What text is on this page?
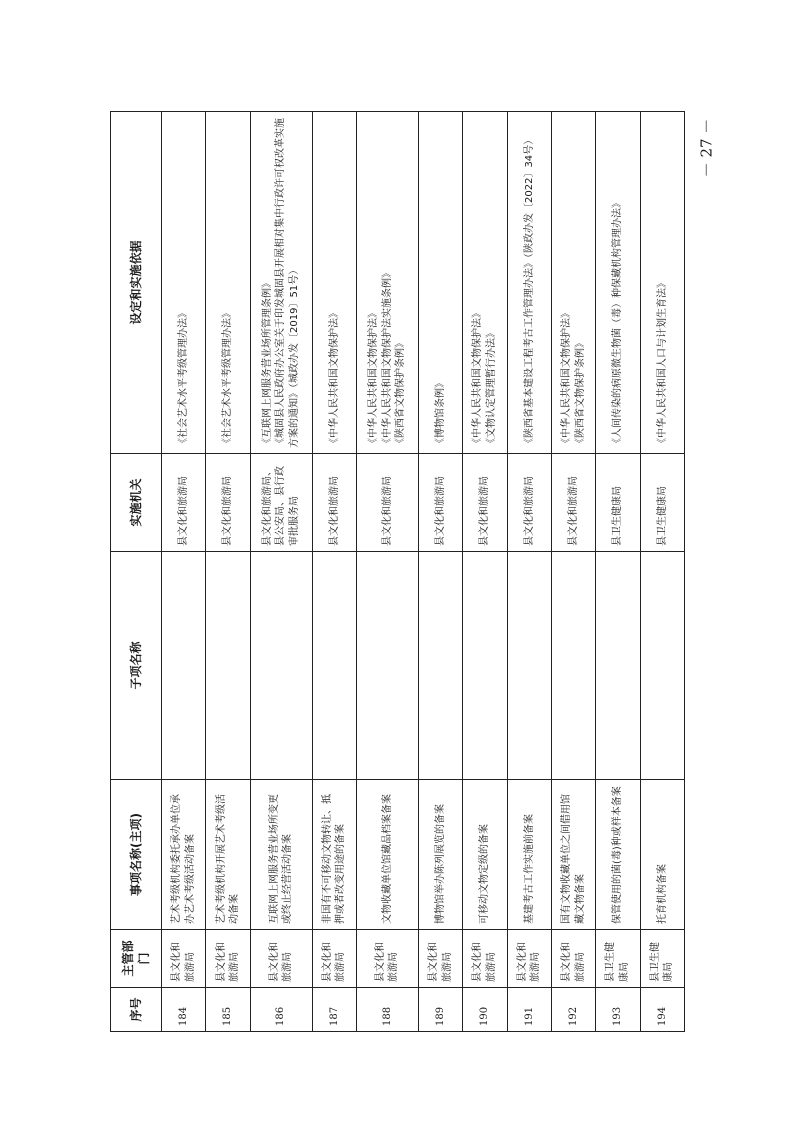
－ 27 －
序号	主管部门	事项名称(主项)	子项名称	实施机关	设定和实施依据
184	县文化和旅游局	艺术考级机构委托承办单位承办艺术考级活动备案		县文化和旅游局	《社会艺术水平考级管理办法》

185	县文化和旅游局	艺术考级机构开展艺术考级活动备案		县文化和旅游局	《社会艺术水平考级管理办法》

186	县文化和旅游局	互联网上网服务营业场所变更或终止经营活动备案		县文化和旅游局、县公安局、县行政审批服务局	《互联网上网服务营业场所管理条例》 《城固县人民政府办公室关于印发城固县开展相对集中行政许可权改革实施方案的通知》（城政办发〔2019〕51号）

187	县文化和旅游局	非国有不可移动文物转让、抵押或者改变用途的备案		县文化和旅游局	《中华人民共和国文物保护法》

188	县文化和旅游局	文物收藏单位馆藏品档案备案		县文化和旅游局	《中华人民共和国文物保护法》 《中华人民共和国文物保护法实施条例》 《陕西省文物保护条例》

189	县文化和旅游局	博物馆举办陈列展览的备案		县文化和旅游局	《博物馆条例》

190	县文化和旅游局	可移动文物定级的备案		县文化和旅游局	《中华人民共和国文物保护法》 《文物认定管理暂行办法》

191	县文化和旅游局	基建考古工作实施前备案		县文化和旅游局	《陕西省基本建设工程考古工作管理办法》（陕政办发〔2022〕34号）

192	县文化和旅游局	国有文物收藏单位之间借用馆藏文物备案		县文化和旅游局	《中华人民共和国文物保护法》 《陕西省文物保护条例》

193	县卫生健康局	保管使用的菌(毒)种或样本备案		县卫生健康局	《人间传染的病原微生物菌（毒）种保藏机构管理办法》

194	县卫生健康局	托育机构备案		县卫生健康局	《中华人民共和国人口与计划生育法》
